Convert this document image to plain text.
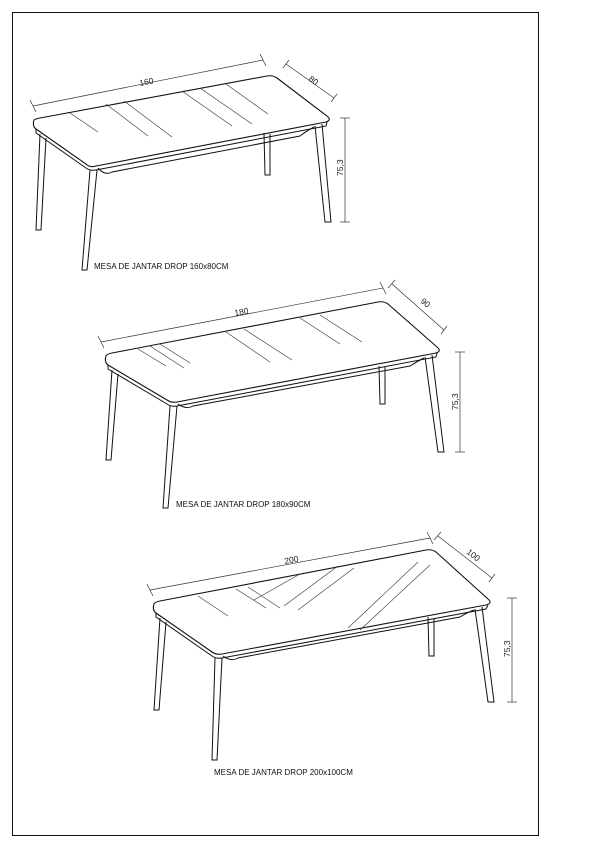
160	80
75,3
MESA DE JANTAR DROP 160x80CM
180
90
75,3
MESA DE JANTAR DROP 180x90CM
200	100
75,3
MESA DE JANTAR DROP 200x100CM
